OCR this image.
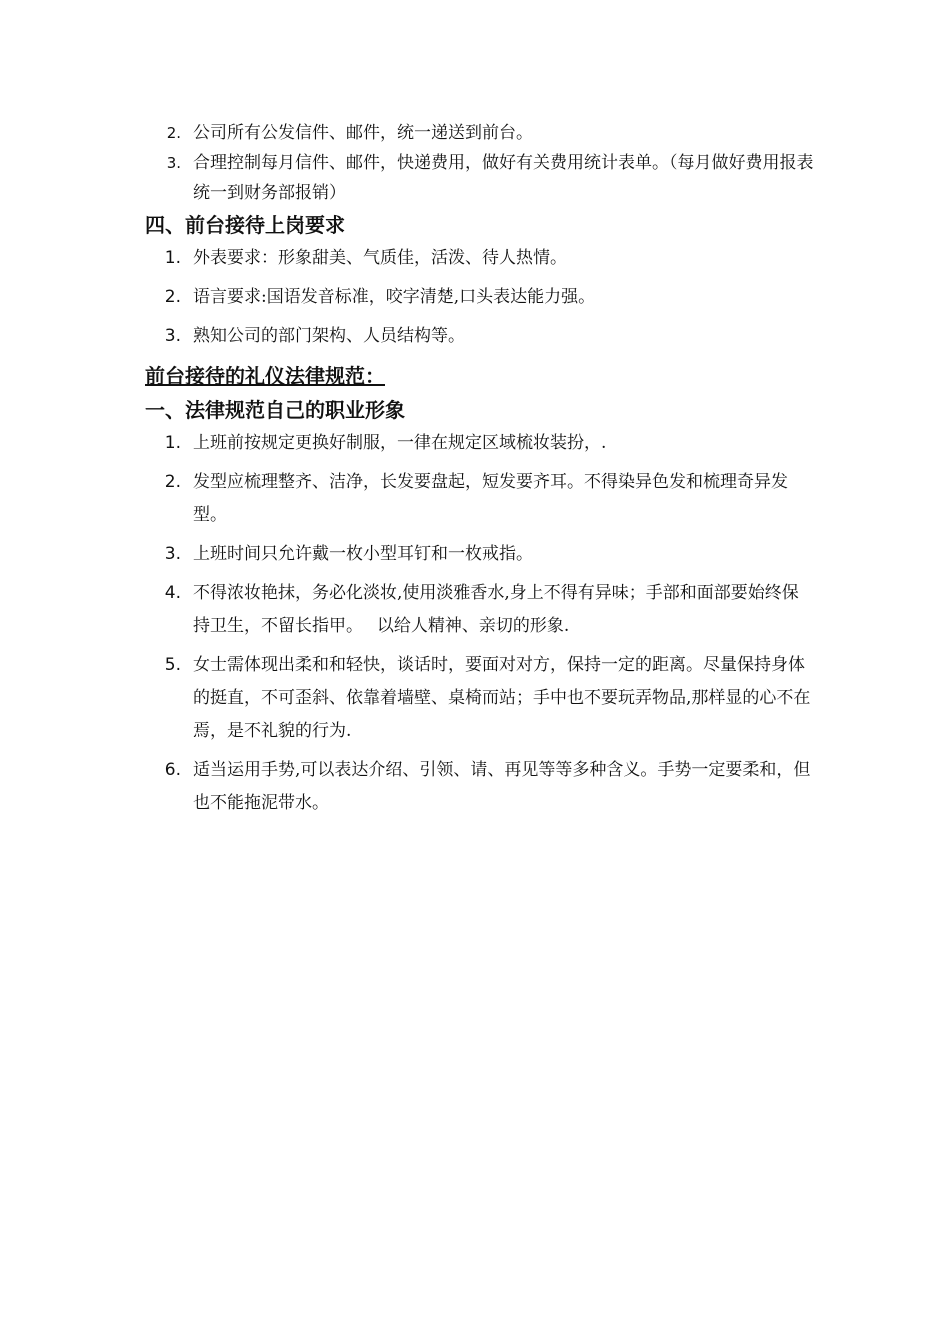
2. 公司所有公发信件、邮件，统一递送到前台。
3. 合理控制每月信件、邮件，快递费用，做好有关费用统计表单。（每月做好费用报表统一到财务部报销）
四、前台接待上岗要求
1. 外表要求：形象甜美、气质佳，活泼、待人热情。
2. 语言要求:国语发音标准，咬字清楚,口头表达能力强。
3. 熟知公司的部门架构、人员结构等。
前台接待的礼仪法律规范：
一、法律规范自己的职业形象
1. 上班前按规定更换好制服，一律在规定区域梳妆装扮，.
2. 发型应梳理整齐、洁净，长发要盘起，短发要齐耳。不得染异色发和梳理奇异发型。
3. 上班时间只允许戴一枚小型耳钉和一枚戒指。
4. 不得浓妆艳抹，务必化淡妆,使用淡雅香水,身上不得有异味；手部和面部要始终保持卫生，不留长指甲。　 以给人精神、亲切的形象.
5. 女士需体现出柔和和轻快，谈话时，要面对对方，保持一定的距离。尽量保持身体的挺直，不可歪斜、依靠着墙壁、桌椅而站；手中也不要玩弄物品,那样显的心不在焉，是不礼貌的行为.
6. 适当运用手势,可以表达介绍、引领、请、再见等等多种含义。手势一定要柔和，但也不能拖泥带水。
